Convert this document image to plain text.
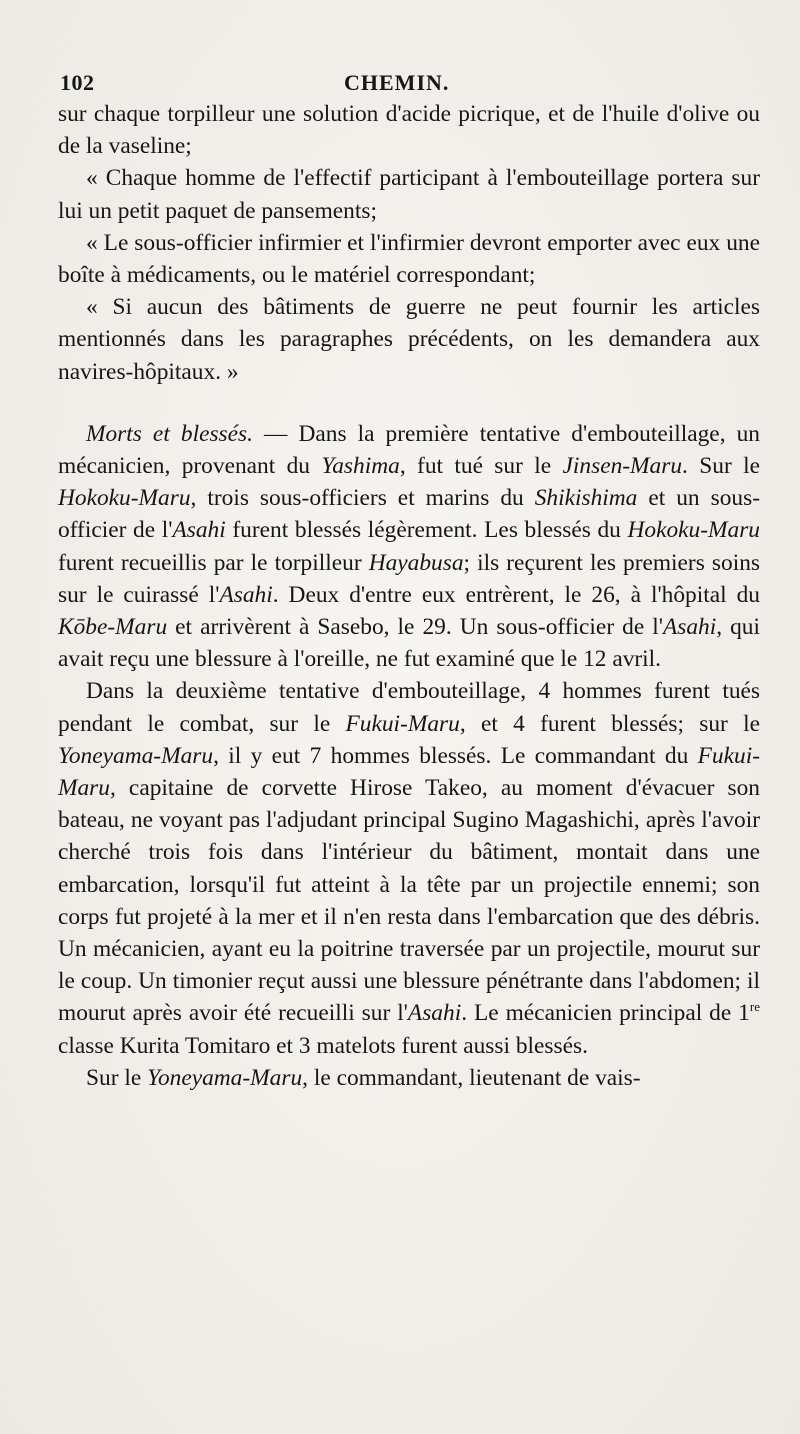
102	CHEMIN.

sur chaque torpilleur une solution d'acide picrique, et de l'huile d'olive ou de la vaseline;

« Chaque homme de l'effectif participant à l'embouteillage portera sur lui un petit paquet de pansements;

« Le sous-officier infirmier et l'infirmier devront emporter avec eux une boîte à médicaments, ou le matériel correspondant;

« Si aucun des bâtiments de guerre ne peut fournir les articles mentionnés dans les paragraphes précédents, on les demandera aux navires-hôpitaux. »

Morts et blessés. — Dans la première tentative d'embouteillage, un mécanicien, provenant du Yashima, fut tué sur le Jinsen-Maru. Sur le Hokoku-Maru, trois sous-officiers et marins du Shikishima et un sous-officier de l'Asahi furent blessés légèrement. Les blessés du Hokoku-Maru furent recueillis par le torpilleur Hayabusa; ils reçurent les premiers soins sur le cuirassé l'Asahi. Deux d'entre eux entrèrent, le 26, à l'hôpital du Kōbe-Maru et arrivèrent à Sasebo, le 29. Un sous-officier de l'Asahi, qui avait reçu une blessure à l'oreille, ne fut examiné que le 12 avril.

Dans la deuxième tentative d'embouteillage, 4 hommes furent tués pendant le combat, sur le Fukui-Maru, et 4 furent blessés; sur le Yoneyama-Maru, il y eut 7 hommes blessés. Le commandant du Fukui-Maru, capitaine de corvette Hirose Takeo, au moment d'évacuer son bateau, ne voyant pas l'adjudant principal Sugino Magashichi, après l'avoir cherché trois fois dans l'intérieur du bâtiment, montait dans une embarcation, lorsqu'il fut atteint à la tête par un projectile ennemi; son corps fut projeté à la mer et il n'en resta dans l'embarcation que des débris. Un mécanicien, ayant eu la poitrine traversée par un projectile, mourut sur le coup. Un timonier reçut aussi une blessure pénétrante dans l'abdomen; il mourut après avoir été recueilli sur l'Asahi. Le mécanicien principal de 1re classe Kurita Tomitaro et 3 matelots furent aussi blessés.

Sur le Yoneyama-Maru, le commandant, lieutenant de vais-
